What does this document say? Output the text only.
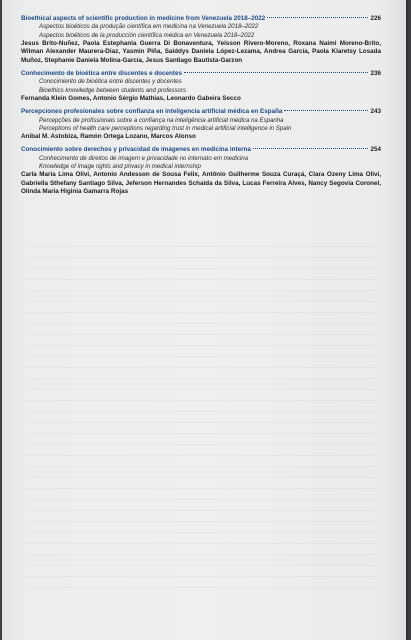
Bioethical aspects of scientific production in medicine from Venezuela 2018–2022	226
Aspectos bioéticos da produção científica em medicina na Venezuela 2018–2022
Aspectos bioéticos de la producción científica médica en Venezuela 2018–2022
Jesus Brito-Nuñez, Paola Estephania Guerra Di Bonaventura, Yeisson Rivero-Moreno, Roxana Naimi Moreno-Brito, Wilman Alexander Maurera-Diaz, Yasmin Piña, Saiddys Daniela López-Lezama, Andrea García, Paola Klaretsy Losada Muñoz, Stephanie Daniela Molina-García, Jesus Santiago Bautista-Garzon
Conhecimento de bioética entre discentes e docentes	236
Conocimiento de bioética entre discentes y docentes
Bioethics knowledge between students and professors
Fernanda Klein Gomes, Antonio Sérgio Mathias, Leonardo Gabeira Secco
Percepciones profesionales sobre confianza en inteligencia artificial médica en España	243
Percepções de profissionais sobre a confiança na inteligência artificial médica na Espanha
Perceptions of health care perceptions regarding trust in medical artificial intelligence in Spain
Anibal M. Astobiza, Ramón Ortega Lozano, Marcos Alonso
Conocimiento sobre derechos y privacidad de imágenes en medicina interna	254
Conhecimento de direitos de imagem e privacidade no internato em medicina
Knowledge of image rights and privacy in medical internship
Carla Maria Lima Olivi, Antonio Andesson de Sousa Felix, Antônio Guilherme Souza Curaçá, Clara Ozeny Lima Olivi, Gabriella Sthefany Santiago Silva, Jeferson Hernandes Schaida da Silva, Lucas Ferreira Alves, Nancy Segovia Coronel, Olinda Maria Higinia Gamarra Rojas
